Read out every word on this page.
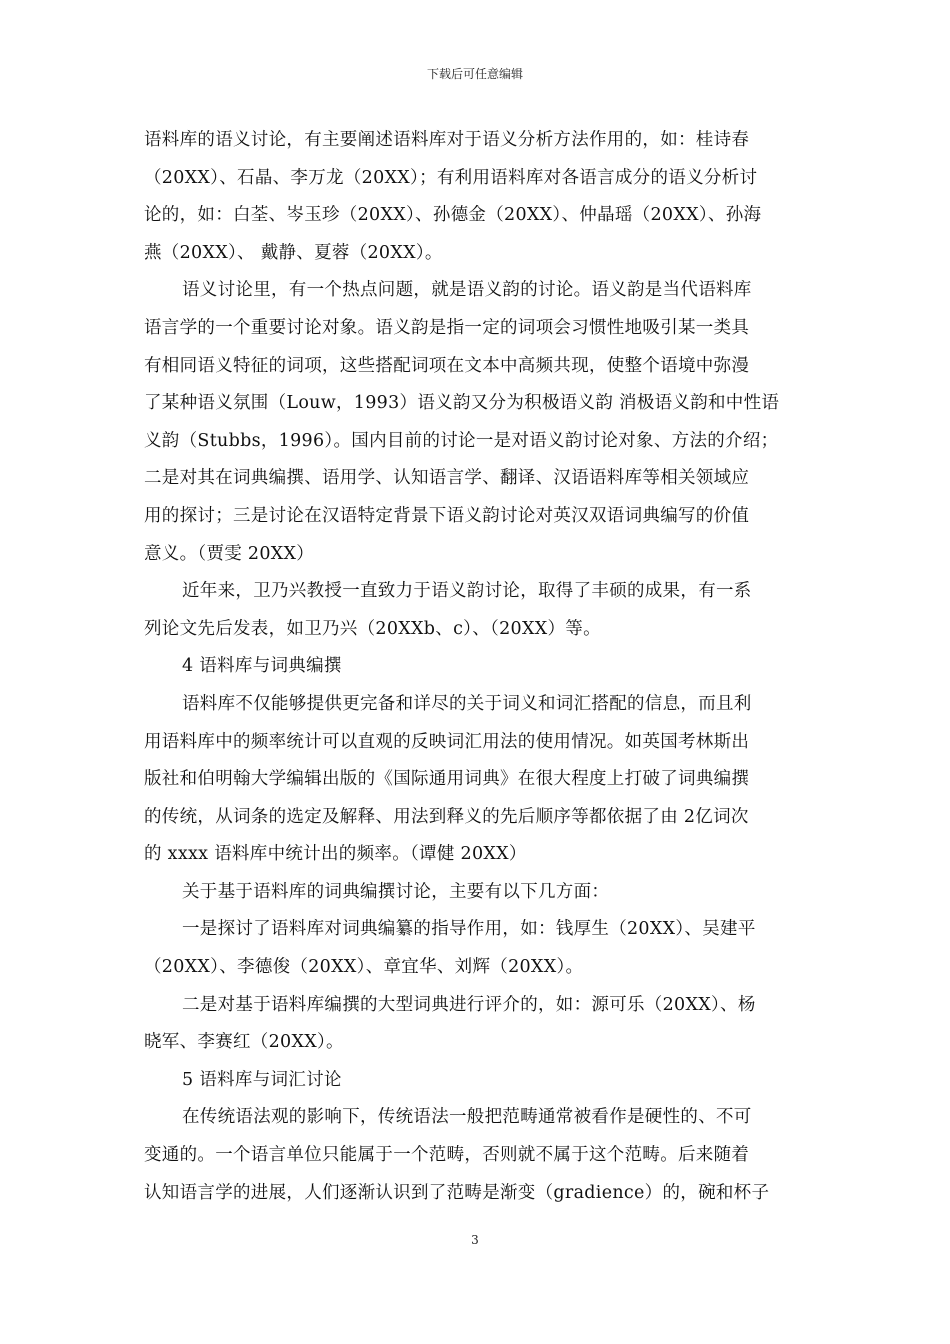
下载后可任意编辑
语料库的语义讨论，有主要阐述语料库对于语义分析方法作用的，如：桂诗春
（20XX）、石晶、李万龙（20XX）；有利用语料库对各语言成分的语义分析讨
论的，如：白荃、岑玉珍（20XX）、孙德金（20XX）、仲晶瑶（20XX）、孙海
燕（20XX）、 戴静、夏蓉（20XX）。
语义讨论里，有一个热点问题，就是语义韵的讨论。语义韵是当代语料库
语言学的一个重要讨论对象。语义韵是指一定的词项会习惯性地吸引某一类具
有相同语义特征的词项，这些搭配词项在文本中高频共现，使整个语境中弥漫
了某种语义氛围（Louw，1993）语义韵又分为积极语义韵 消极语义韵和中性语
义韵（Stubbs，1996）。国内目前的讨论一是对语义韵讨论对象、方法的介绍；
二是对其在词典编撰、语用学、认知语言学、翻译、汉语语料库等相关领域应
用的探讨；三是讨论在汉语特定背景下语义韵讨论对英汉双语词典编写的价值
意义。（贾雯 20XX）
近年来，卫乃兴教授一直致力于语义韵讨论，取得了丰硕的成果，有一系
列论文先后发表，如卫乃兴（20XXb、c）、（20XX）等。
4 语料库与词典编撰
语料库不仅能够提供更完备和详尽的关于词义和词汇搭配的信息，而且利
用语料库中的频率统计可以直观的反映词汇用法的使用情况。如英国考林斯出
版社和伯明翰大学编辑出版的《国际通用词典》在很大程度上打破了词典编撰
的传统，从词条的选定及解释、用法到释义的先后顺序等都依据了由 2亿词次
的 xxxx 语料库中统计出的频率。（谭健 20XX）
关于基于语料库的词典编撰讨论，主要有以下几方面：
一是探讨了语料库对词典编纂的指导作用，如：钱厚生（20XX）、吴建平
（20XX）、李德俊（20XX）、章宜华、刘辉（20XX）。
二是对基于语料库编撰的大型词典进行评介的，如：源可乐（20XX）、杨
晓军、李赛红（20XX）。
5 语料库与词汇讨论
在传统语法观的影响下，传统语法一般把范畴通常被看作是硬性的、不可
变通的。一个语言单位只能属于一个范畴，否则就不属于这个范畴。后来随着
认知语言学的进展，人们逐渐认识到了范畴是渐变（gradience）的，碗和杯子
3
